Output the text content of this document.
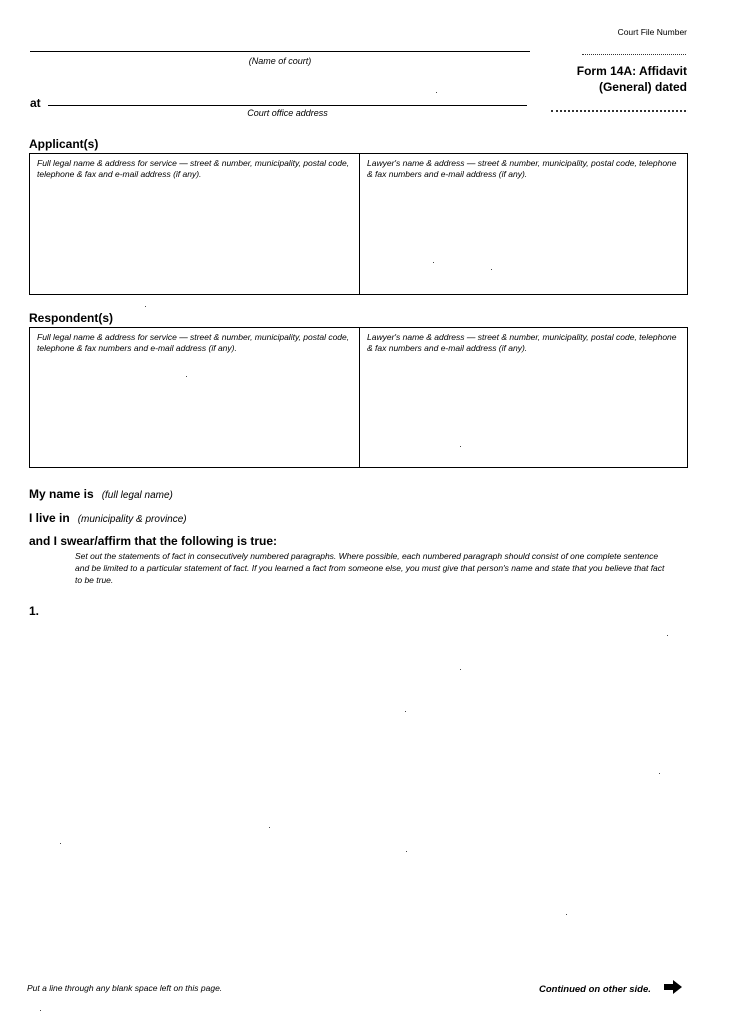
Court File Number
(Name of court)
at
Court office address
Form 14A: Affidavit
(General) dated
Applicant(s)
Full legal name & address for service — street & number, municipality, postal code, telephone & fax and e-mail address (if any).
Lawyer's name & address — street & number, municipality, postal code, telephone & fax numbers and e-mail address (if any).
Respondent(s)
Full legal name & address for service — street & number, municipality, postal code, telephone & fax numbers and e-mail address (if any).
Lawyer's name & address — street & number, municipality, postal code, telephone & fax numbers and e-mail address (if any).
My name is (full legal name)
I live in (municipality & province)
and I swear/affirm that the following is true:
Set out the statements of fact in consecutively numbered paragraphs. Where possible, each numbered paragraph should consist of one complete sentence and be limited to a particular statement of fact. If you learned a fact from someone else, you must give that person's name and state that you believe that fact to be true.
1.
Put a line through any blank space left on this page.	Continued on other side.
